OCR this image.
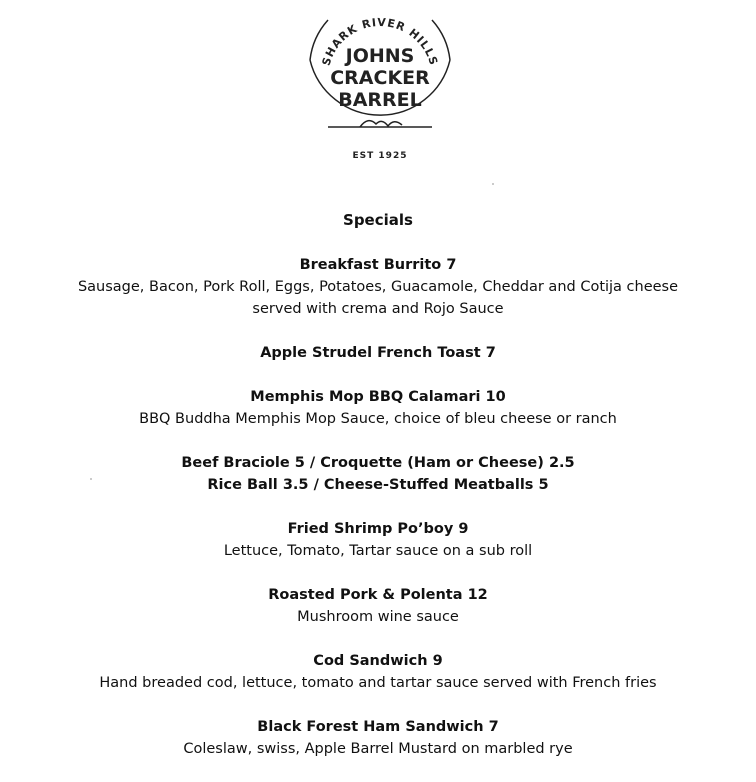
SHARK RIVER HILLS
JOHNS
CRACKER
BARREL
EST 1925
Specials
Breakfast Burrito 7
Sausage, Bacon, Pork Roll, Eggs, Potatoes, Guacamole, Cheddar and Cotija cheese
served with crema and Rojo Sauce
Apple Strudel French Toast 7
Memphis Mop BBQ Calamari 10
BBQ Buddha Memphis Mop Sauce, choice of bleu cheese or ranch
Beef Braciole 5 / Croquette (Ham or Cheese) 2.5
Rice Ball 3.5 / Cheese-Stuffed Meatballs 5
Fried Shrimp Po’boy 9
Lettuce, Tomato, Tartar sauce on a sub roll
Roasted Pork & Polenta 12
Mushroom wine sauce
Cod Sandwich 9
Hand breaded cod, lettuce, tomato and tartar sauce served with French fries
Black Forest Ham Sandwich 7
Coleslaw, swiss, Apple Barrel Mustard on marbled rye
